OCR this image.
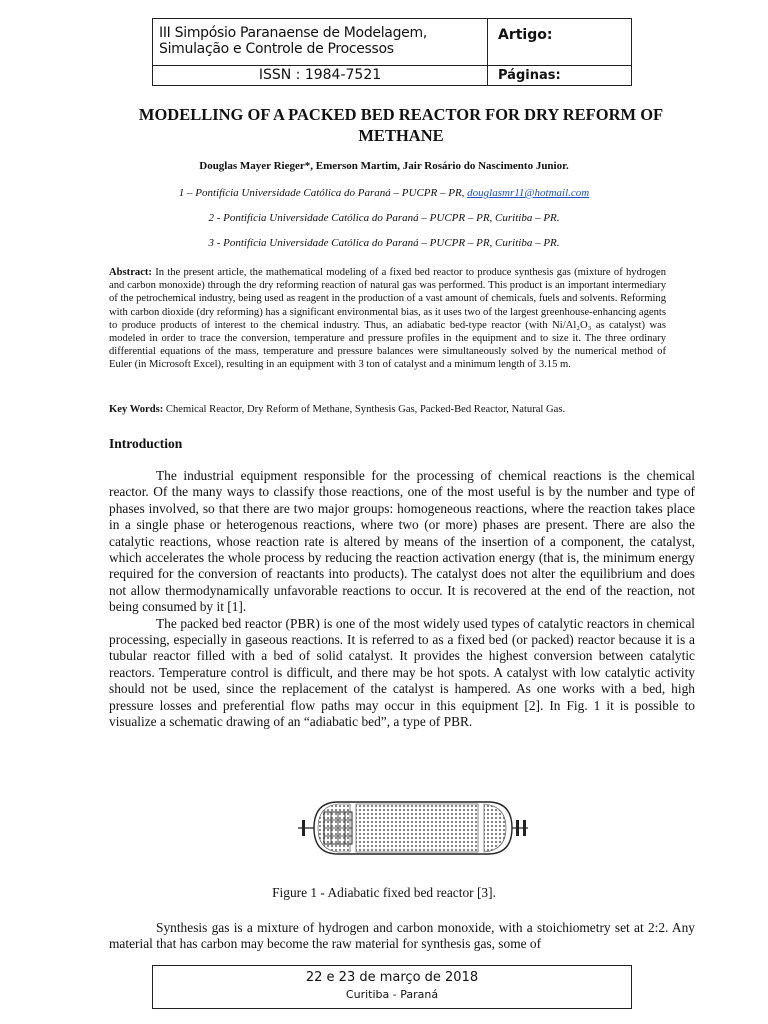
III Simpósio Paranaense de Modelagem,
Simulação e Controle de Processos
ISSN : 1984-7521
Artigo:
Páginas:
MODELLING OF A PACKED BED REACTOR FOR DRY REFORM OF METHANE
Douglas Mayer Rieger*, Emerson Martim, Jair Rosário do Nascimento Junior.
1 – Pontifícia Universidade Católica do Paraná – PUCPR – PR, douglasmr11@hotmail.com
2 - Pontifícia Universidade Católica do Paraná – PUCPR – PR, Curitiba – PR.
3 - Pontifícia Universidade Católica do Paraná – PUCPR – PR, Curitiba – PR.
Abstract: In the present article, the mathematical modeling of a fixed bed reactor to produce synthesis gas (mixture of hydrogen and carbon monoxide) through the dry reforming reaction of natural gas was performed. This product is an important intermediary of the petrochemical industry, being used as reagent in the production of a vast amount of chemicals, fuels and solvents. Reforming with carbon dioxide (dry reforming) has a significant environmental bias, as it uses two of the largest greenhouse-enhancing agents to produce products of interest to the chemical industry. Thus, an adiabatic bed-type reactor (with Ni/Al₂O₃ as catalyst) was modeled in order to trace the conversion, temperature and pressure profiles in the equipment and to size it. The three ordinary differential equations of the mass, temperature and pressure balances were simultaneously solved by the numerical method of Euler (in Microsoft Excel), resulting in an equipment with 3 ton of catalyst and a minimum length of 3.15 m.
Key Words: Chemical Reactor, Dry Reform of Methane, Synthesis Gas, Packed-Bed Reactor, Natural Gas.
Introduction

The industrial equipment responsible for the processing of chemical reactions is the chemical reactor. Of the many ways to classify those reactions, one of the most useful is by the number and type of phases involved, so that there are two major groups: homogeneous reactions, where the reaction takes place in a single phase or heterogenous reactions, where two (or more) phases are present. There are also the catalytic reactions, whose reaction rate is altered by means of the insertion of a component, the catalyst, which accelerates the whole process by reducing the reaction activation energy (that is, the minimum energy required for the conversion of reactants into products). The catalyst does not alter the equilibrium and does not allow thermodynamically unfavorable reactions to occur. It is recovered at the end of the reaction, not being consumed by it [1].

The packed bed reactor (PBR) is one of the most widely used types of catalytic reactors in chemical processing, especially in gaseous reactions. It is referred to as a fixed bed (or packed) reactor because it is a tubular reactor filled with a bed of solid catalyst. It provides the highest conversion between catalytic reactors. Temperature control is difficult, and there may be hot spots. A catalyst with low catalytic activity should not be used, since the replacement of the catalyst is hampered. As one works with a bed, high pressure losses and preferential flow paths may occur in this equipment [2]. In Fig. 1 it is possible to visualize a schematic drawing of an “adiabatic bed”, a type of PBR.

Figure 1 - Adiabatic fixed bed reactor [3].

Synthesis gas is a mixture of hydrogen and carbon monoxide, with a stoichiometry set at 2:2. Any material that has carbon may become the raw material for synthesis gas, some of

22 e 23 de março de 2018
Curitiba - Paraná
